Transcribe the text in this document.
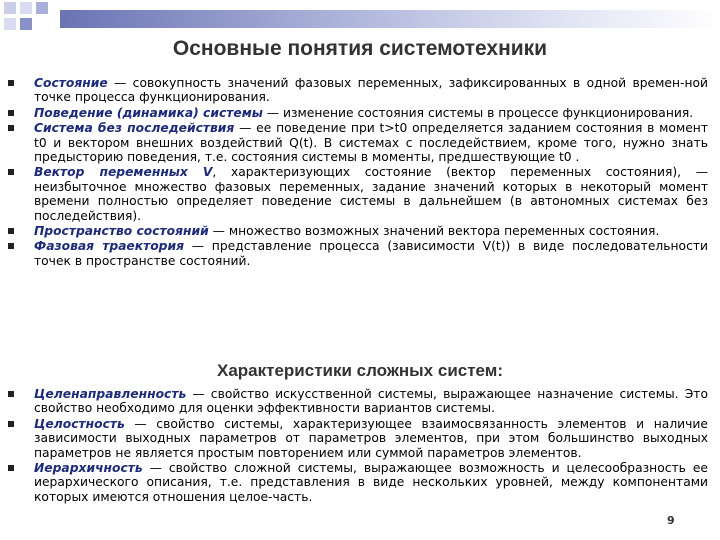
Основные понятия системотехники
Состояние — совокупность значений фазовых переменных, зафиксированных в одной времен-ной точке процесса функционирования.
Поведение (динамика) системы — изменение состояния системы в процессе функционирования.
Система без последействия — ее поведение при t>t0 определяется заданием состояния в момент t0 и вектором внешних воздействий Q(t). В системах с последействием, кроме того, нужно знать предысторию поведения, т.е. состояния системы в моменты, предшествующие t0 .
Вектор переменных V, характеризующих состояние (вектор переменных состояния), — неизбыточное множество фазовых переменных, задание значений которых в некоторый момент времени полностью определяет поведение системы в дальнейшем (в автономных системах без последействия).
Пространство состояний — множество возможных значений вектора переменных состояния.
Фазовая траектория — представление процесса (зависимости V(t)) в виде последовательности точек в пространстве состояний.
Характеристики сложных систем:
Целенаправленность — свойство искусственной системы, выражающее назначение системы. Это свойство необходимо для оценки эффективности вариантов системы.
Целостность — свойство системы, характеризующее взаимосвязанность элементов и наличие зависимости выходных параметров от параметров элементов, при этом большинство выходных параметров не является простым повторением или суммой параметров элементов.
Иерархичность — свойство сложной системы, выражающее возможность и целесообразность ее иерархического описания, т.е. представления в виде нескольких уровней, между компонентами которых имеются отношения целое-часть.
9
